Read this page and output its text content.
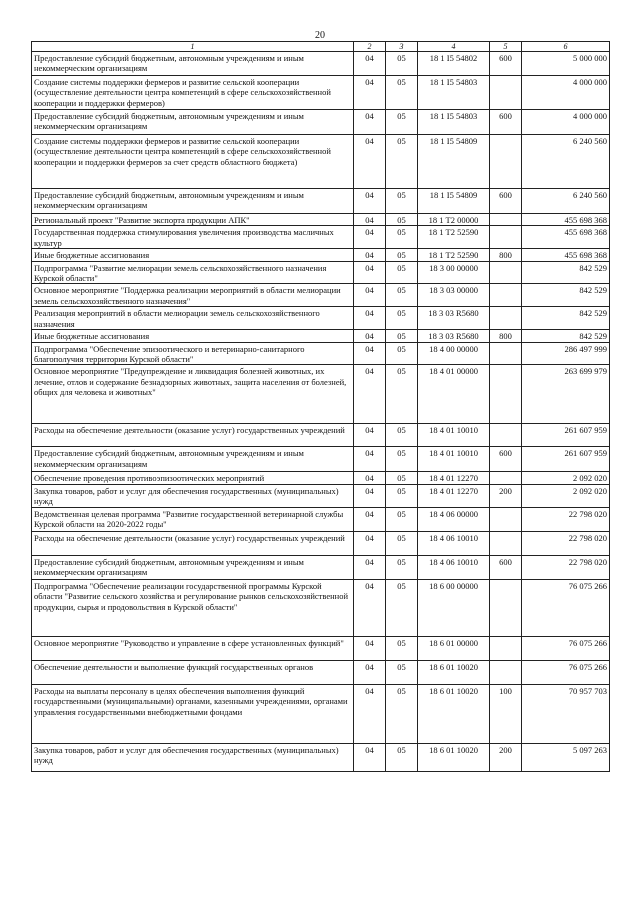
20
1	2	3	4	5	6
Предоставление субсидий бюджетным, автономным учреждениям и иным некоммерческим организациям	04	05	18 1 I5 54802	600	5 000 000
Создание системы поддержки фермеров и развитие сельской кооперации (осуществление деятельности центра компетенций в сфере сельскохозяйственной кооперации и поддержки фермеров)	04	05	18 1 I5 54803		4 000 000
Предоставление субсидий бюджетным, автономным учреждениям и иным некоммерческим организациям	04	05	18 1 I5 54803	600	4 000 000
Создание системы поддержки фермеров и развитие сельской кооперации (осуществление деятельности центра компетенций в сфере сельскохозяйственной кооперации и поддержки фермеров за счет средств областного бюджета)	04	05	18 1 I5 54809		6 240 560
Предоставление субсидий бюджетным, автономным учреждениям и иным некоммерческим организациям	04	05	18 1 I5 54809	600	6 240 560
Региональный проект "Развитие экспорта продукции АПК"	04	05	18 1 T2 00000		455 698 368
Государственная поддержка стимулирования увеличения производства масличных культур	04	05	18 1 T2 52590		455 698 368
Иные бюджетные ассигнования	04	05	18 1 T2 52590	800	455 698 368
Подпрограмма "Развитие мелиорации земель сельскохозяйственного назначения Курской области"	04	05	18 3 00 00000		842 529
Основное мероприятие "Поддержка реализации мероприятий в области мелиорации земель сельскохозяйственного назначения"	04	05	18 3 03 00000		842 529
Реализация мероприятий в области мелиорации земель сельскохозяйственного назначения	04	05	18 3 03 R5680		842 529
Иные бюджетные ассигнования	04	05	18 3 03 R5680	800	842 529
Подпрограмма "Обеспечение эпизоотического и ветеринарно-санитарного благополучия территории Курской области"	04	05	18 4 00 00000		286 497 999
Основное мероприятие "Предупреждение и ликвидация болезней животных, их лечение, отлов и содержание безнадзорных животных, защита населения от болезней, общих для человека и животных"	04	05	18 4 01 00000		263 699 979
Расходы на обеспечение деятельности (оказание услуг) государственных учреждений	04	05	18 4 01 10010		261 607 959
Предоставление субсидий бюджетным, автономным учреждениям и иным некоммерческим организациям	04	05	18 4 01 10010	600	261 607 959
Обеспечение проведения противоэпизоотических мероприятий	04	05	18 4 01 12270		2 092 020
Закупка товаров, работ и услуг для обеспечения государственных (муниципальных) нужд	04	05	18 4 01 12270	200	2 092 020
Ведомственная целевая программа "Развитие государственной ветеринарной службы Курской области на 2020-2022 годы"	04	05	18 4 06 00000		22 798 020
Расходы на обеспечение деятельности (оказание услуг) государственных учреждений	04	05	18 4 06 10010		22 798 020
Предоставление субсидий бюджетным, автономным учреждениям и иным некоммерческим организациям	04	05	18 4 06 10010	600	22 798 020
Подпрограмма "Обеспечение реализации государственной программы Курской области "Развитие сельского хозяйства и регулирование рынков сельскохозяйственной продукции, сырья и продовольствия в Курской области"	04	05	18 6 00 00000		76 075 266
Основное мероприятие "Руководство и управление в сфере установленных функций"	04	05	18 6 01 00000		76 075 266
Обеспечение деятельности и выполнение функций государственных органов	04	05	18 6 01 10020		76 075 266
Расходы на выплаты персоналу в целях обеспечения выполнения функций государственными (муниципальными) органами, казенными учреждениями, органами управления государственными внебюджетными фондами	04	05	18 6 01 10020	100	70 957 703
Закупка товаров, работ и услуг для обеспечения государственных (муниципальных) нужд	04	05	18 6 01 10020	200	5 097 263
